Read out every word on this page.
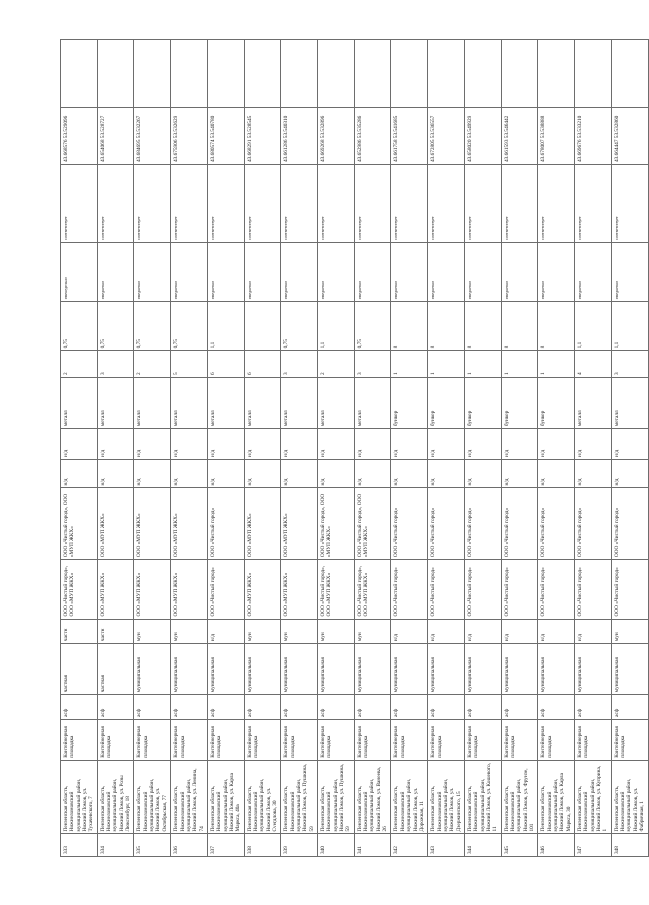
333	Пензенская область, Нижнеломовский муниципальный район, Нижний Ломов, ул. Тухачевского, 7	Контейнерная площадка	асф	частная	частн	ООО «Чистый город», ООО «МУП ЖКХ»	ООО «Чистый город», ООО «МУП ЖКХ»	н/д	н/д	металл	2	0,75	еженедельно	соответствует	43.668576 53.529096	
334	Пензенская область, Нижнеломовский муниципальный район, Нижний Ломов, ул. Розы Люксембург, 18	Контейнерная площадка	асф	частная	частн	ООО «МУП ЖКХ»	ООО «МУП ЖКХ»	н/д	н/д	металл	3	0,75	ежедневно	соответствует	43.654068 53.528727	
335	Пензенская область, Нижнеломовский муниципальный район, Нижний Ломов, ул. Октябрьская, 77	Контейнерная площадка	асф	муниципальная	мун	ООО «МУП ЖКХ»	ООО «МУП ЖКХ»	н/д	н/д	металл	2	0,75	ежедневно	соответствует	43.684695 53.532267	
336	Пензенская область, Нижнеломовский муниципальный район, Нижний Ломов, ул. Ленина, 74	Контейнерная площадка	асф	муниципальная	мун	ООО «МУП ЖКХ»	ООО «МУП ЖКХ»	н/д	н/д	металл	5	0,75	ежедневно	соответствует	43.675906 53.532629	
337	Пензенская область, Нижнеломовский муниципальный район, Нижний Ломов, ул. Карла Маркса, 40а	Контейнерная площадка	асф	муниципальная	н/д	ООО «Чистый город»	ООО «Чистый город»	н/д	н/д	металл	6	1,1	ежедневно	соответствует	43.680574 53.540780	
338	Пензенская область, Нижнеломовский муниципальный район, Нижний Ломов, ул. Сverдлова, 30	Контейнерная площадка	асф	муниципальная	мун	ООО «МУП ЖКХ»	ООО «МУП ЖКХ»	н/д	н/д	металл	6		ежедневно	соответствует	43.668291 53.528545	
339	Пензенская область, Нижнеломовский муниципальный район, Нижний Ломов, ул. Пушкина, 59	Контейнерная площадка	асф	муниципальная	мун	ООО «МУП ЖКХ»	ООО «МУП ЖКХ»	н/д	н/д	металл	3	0,75	ежедневно	соответствует	43.661286 53.540310	
340	Пензенская область, Нижнеломовский муниципальный район, Нижний Ломов, ул. Пушкина, 59	Контейнерная площадка	асф	муниципальная	мун	ООО «Чистый город», ООО «МУП ЖКХ»	ООО «Чистый город», ООО «МУП ЖКХ»	н/д	н/д	металл	2	1,1	ежедневно	соответствует	43.669268 53.532896	
341	Пензенская область, Нижнеломовский муниципальный район, Нижний Ломов, ул. Ванеева, 26	Контейнерная площадка	асф	муниципальная	мун	ООО «Чистый город», ООО «МУП ЖКХ»	ООО «Чистый город», ООО «МУП ЖКХ»	н/д	н/д	металл	3	0,75	ежедневно	соответствует	43.652986 53.535286	
342	Пензенская область, Нижнеломовский муниципальный район, Нижний Ломов, ул. Дорожная, 11	Контейнерная площадка	асф	муниципальная	н/д	ООО «Чистый город»	ООО «Чистый город»	н/д	н/д	бункер	1	8	ежедневно	соответствует	43.661758 53.541685	
343	Пензенская область, Нижнеломовский муниципальный район, Нижний Ломов, ул. Дзержинского, 15	Контейнерная площадка	асф	муниципальная	н/д	ООО «Чистый город»	ООО «Чистый город»	н/д	н/д	бункер	1	8	ежедневно	соответствует	43.672805 53.536557	
344	Пензенская область, Нижнеломовский муниципальный район, Нижний Ломов, ул. Кошевого, 11	Контейнерная площадка	асф	муниципальная	н/д	ООО «Чистый город»	ООО «Чистый город»	н/д	н/д	бункер	1	8	ежедневно	соответствует	43.658020 53.549929	
345	Пензенская область, Нижнеломовский муниципальный район, Нижний Ломов, ул. Фрунзе, 101	Контейнерная площадка	асф	муниципальная	н/д	ООО «Чистый город»	ООО «Чистый город»	н/д	н/д	бункер	1	8	ежедневно	соответствует	43.661593 53.546442	
346	Пензенская область, Нижнеломовский муниципальный район, Нижний Ломов, ул. Карла Маркса, 30	Контейнерная площадка	асф	муниципальная	н/д	ООО «Чистый город»	ООО «Чистый город»	н/д	н/д	бункер	1	8	ежедневно	соответствует	43.678007 53.538888	
347	Пензенская область, Нижнеломовский муниципальный район, Нижний Ломов, ул. Куприна, 1	Контейнерная площадка	асф	муниципальная	н/д	ООО «Чистый город»	ООО «Чистый город»	н/д	н/д	металл	4	1,1	ежедневно	соответствует	43.669676 53.533210	
348	Пензенская область, Нижнеломовский муниципальный район, Нижний Ломов, ул. Фабричная, 1	Контейнерная площадка	асф	муниципальная	мун	ООО «Чистый город»	ООО «Чистый город»	н/д	н/д	металл	3	1,1	ежедневно	соответствует	43.664447 53.532860	
